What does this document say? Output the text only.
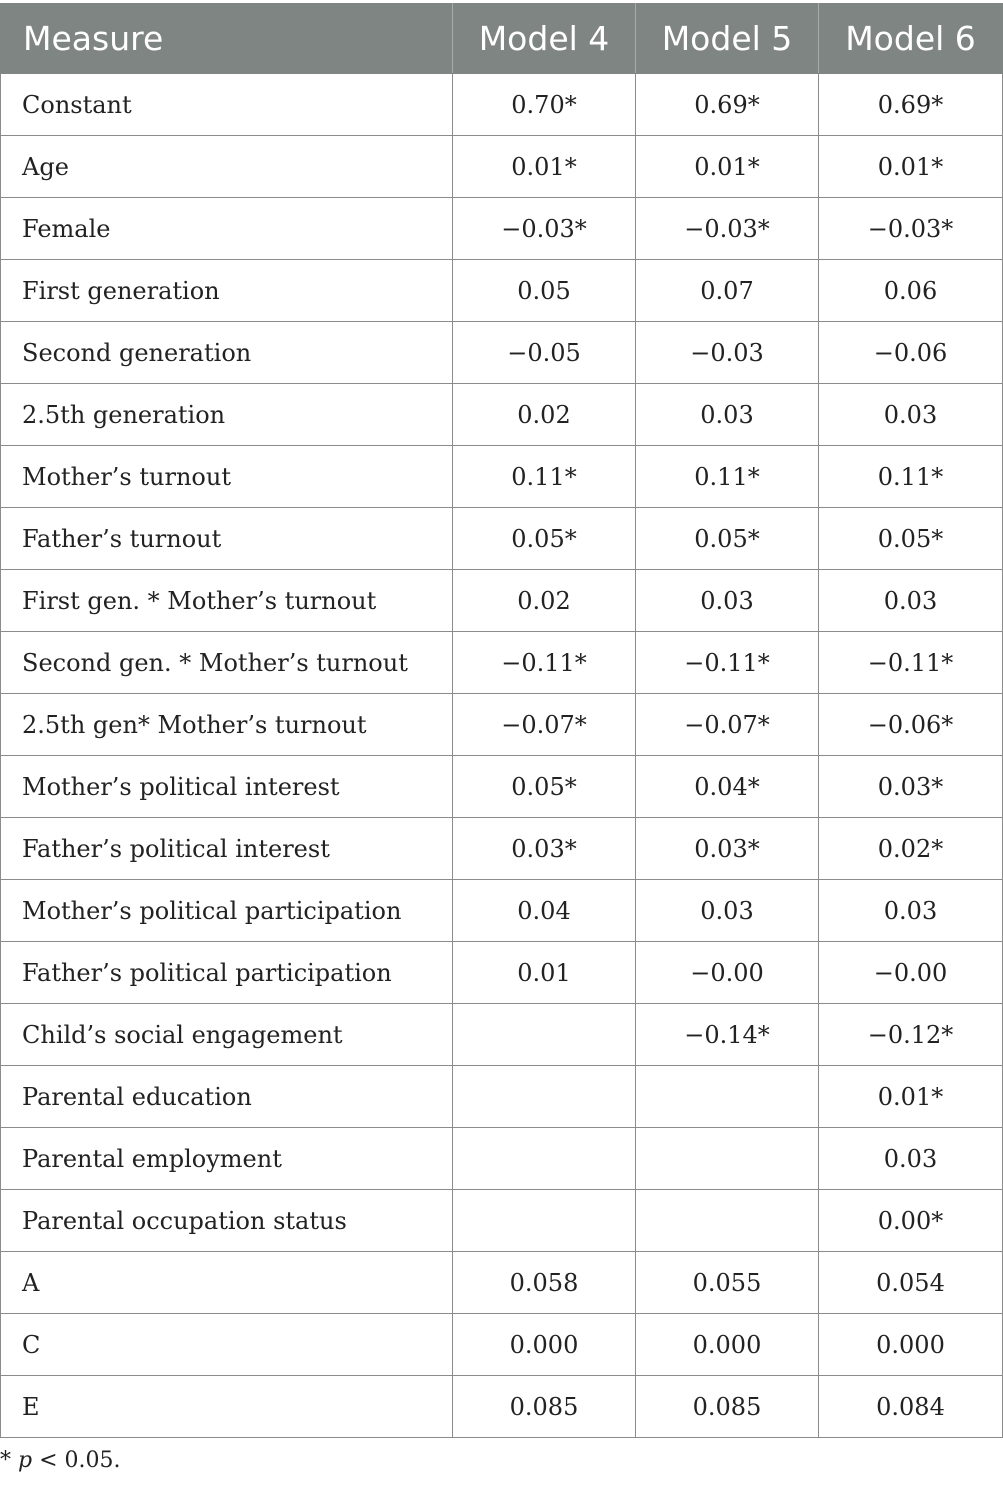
Measure	Model 4	Model 5	Model 6
Constant	0.70*	0.69*	0.69*
Age	0.01*	0.01*	0.01*
Female	−0.03*	−0.03*	−0.03*
First generation	0.05	0.07	0.06
Second generation	−0.05	−0.03	−0.06
2.5th generation	0.02	0.03	0.03
Mother’s turnout	0.11*	0.11*	0.11*
Father’s turnout	0.05*	0.05*	0.05*
First gen. * Mother’s turnout	0.02	0.03	0.03
Second gen. * Mother’s turnout	−0.11*	−0.11*	−0.11*
2.5th gen* Mother’s turnout	−0.07*	−0.07*	−0.06*
Mother’s political interest	0.05*	0.04*	0.03*
Father’s political interest	0.03*	0.03*	0.02*
Mother’s political participation	0.04	0.03	0.03
Father’s political participation	0.01	−0.00	−0.00
Child’s social engagement		−0.14*	−0.12*
Parental education			0.01*
Parental employment			0.03
Parental occupation status			0.00*
A	0.058	0.055	0.054
C	0.000	0.000	0.000
E	0.085	0.085	0.084
* p < 0.05.
